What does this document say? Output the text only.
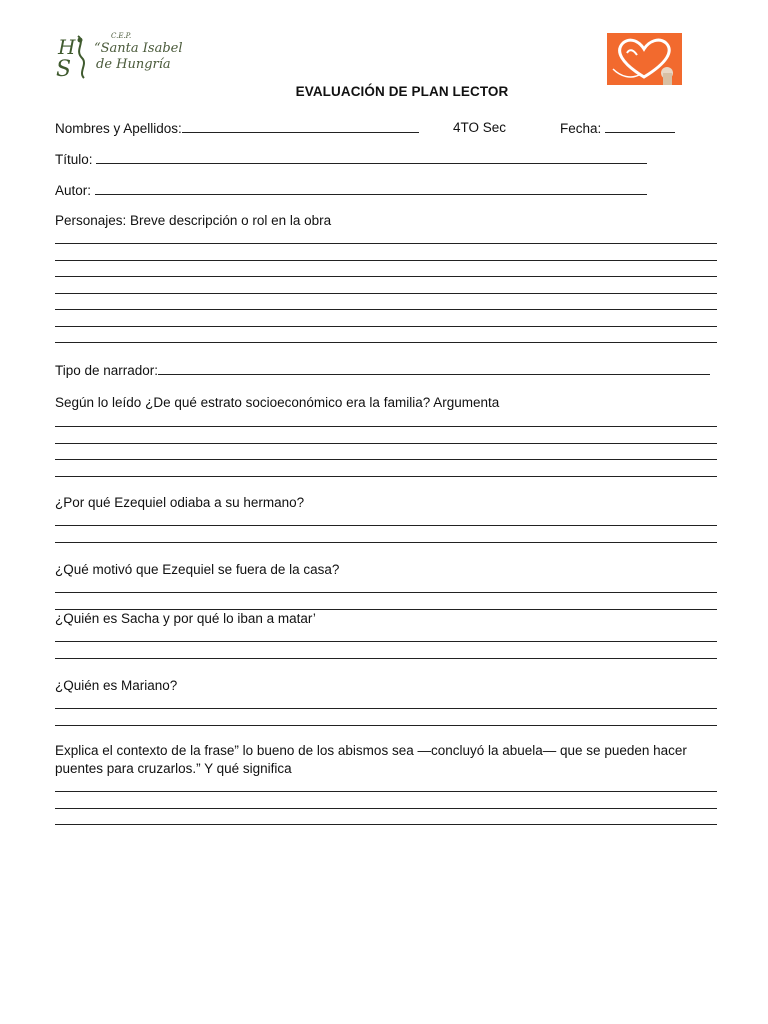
H
S
C.E.P.
“Santa Isabel
de Hungría
EVALUACIÓN DE PLAN LECTOR
Nombres y Apellidos:	4TO Sec	Fecha:
Título:
Autor:
Personajes: Breve descripción o rol en la obra
Tipo de narrador:
Según lo leído ¿De qué estrato socioeconómico era la familia? Argumenta
¿Por qué Ezequiel odiaba a su hermano?
¿Qué motivó que Ezequiel se fuera de la casa?
¿Quién es Sacha y por qué lo iban a matar’
¿Quién es Mariano?
Explica el contexto de la frase” lo bueno de los abismos sea —concluyó la abuela— que se pueden hacer
puentes para cruzarlos.” Y qué significa
